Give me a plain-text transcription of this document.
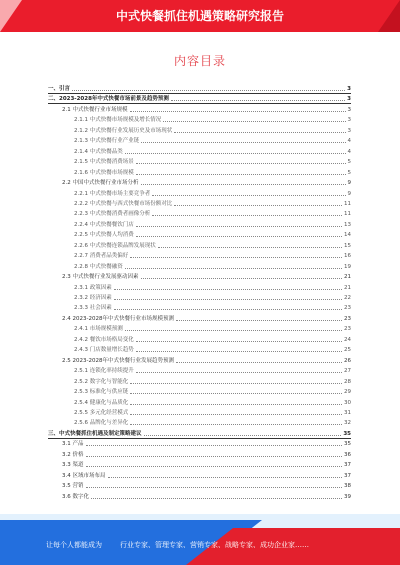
中式快餐抓住机遇策略研究报告
内容目录
一、引言	3
二、2023-2028年中式快餐市场前景及趋势预测	3
2.1 中式快餐行业市场规模	3
2.1.1 中式快餐市场规模及增长情况	3
2.1.2 中式快餐行业发展历史及市场现状	3
2.1.3 中式快餐行业产业链	4
2.1.4 中式快餐品类	4
2.1.5 中式快餐消费场景	5
2.1.6 中式快餐市场规模	5
2.2 中国中式快餐行业市场分析	9
2.2.1 中式快餐市场主要竞争者	9
2.2.2 中式快餐与西式快餐市场份额对比	11
2.2.3 中式快餐消费者画像分析	11
2.2.4 中式快餐餐饮门店	13
2.2.5 中式快餐人均消费	14
2.2.6 中式快餐连锁品牌发展现状	15
2.2.7 消费者品类偏好	16
2.2.8 中式快餐融资	19
2.3 中式快餐行业发展驱动因素	21
2.3.1 政策因素	21
2.3.2 经济因素	22
2.3.3 社会因素	23
2.4 2023-2028年中式快餐行业市场规模预测	23
2.4.1 市场规模预测	23
2.4.2 餐饮市场格局变化	24
2.4.3 门店数量增长趋势	25
2.5 2023-2028年中式快餐行业发展趋势预测	26
2.5.1 连锁化率持续提升	27
2.5.2 数字化与智能化	28
2.5.3 标准化与供应链	29
2.5.4 健康化与品质化	30
2.5.5 多元化经营模式	31
2.5.6 品牌化与差异化	32
三、中式快餐抓住机遇及制定策略建议	35
3.1 产品	35
3.2 价格	36
3.3 渠道	37
3.4 区域市场布局	37
3.5 营销	38
3.6 数字化	39
让每个人都能成为	行业专家、管理专家、营销专家、战略专家、成功企业家……
